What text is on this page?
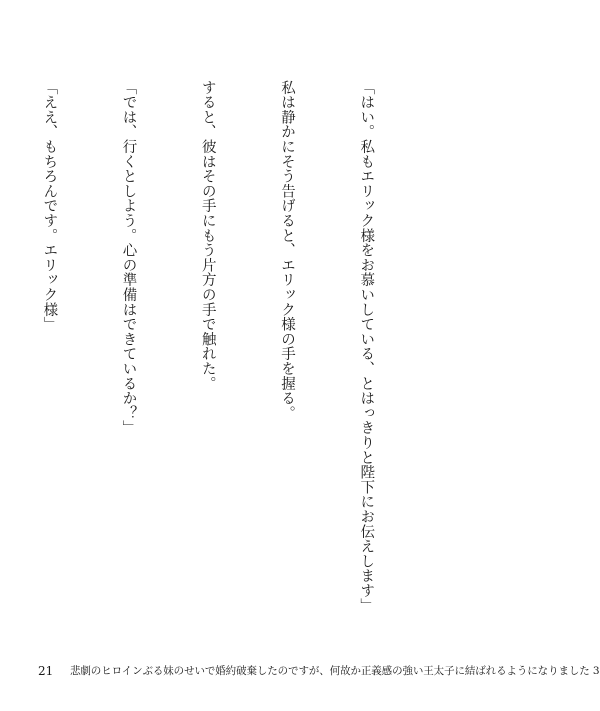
「はい。私もエリック様をお慕いしている、とはっきりと陛下にお伝えします」

私は静かにそう告げると、エリック様の手を握る。

すると、彼はその手にもう片方の手で触れた。

「では、行くとしよう。心の準備はできているか？」

「ええ、もちろんです。エリック様」

21 悲劇のヒロインぶる妹のせいで婚約破棄したのですが、何故か正義感の強い王太子に結ばれるようになりました 3
